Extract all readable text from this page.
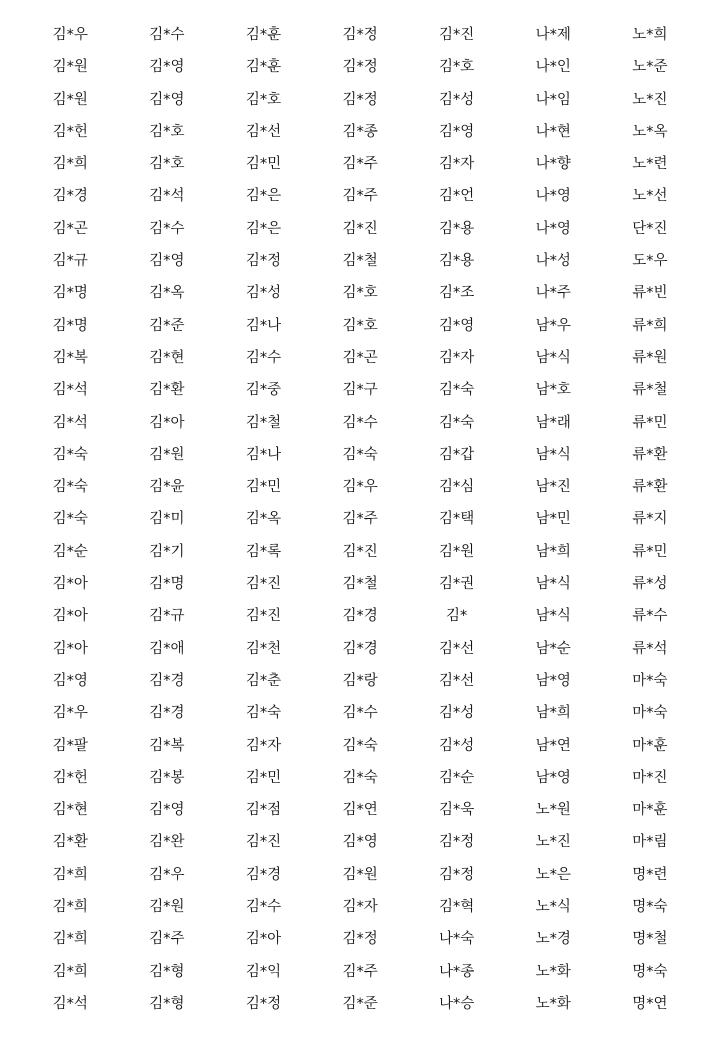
김*우	김*수	김*훈	김*정	김*진	나*제	노*희
김*원	김*영	김*훈	김*정	김*호	나*인	노*준
김*원	김*영	김*호	김*정	김*성	나*임	노*진
김*헌	김*호	김*선	김*종	김*영	나*현	노*옥
김*희	김*호	김*민	김*주	김*자	나*향	노*련
김*경	김*석	김*은	김*주	김*언	나*영	노*선
김*곤	김*수	김*은	김*진	김*용	나*영	단*진
김*규	김*영	김*정	김*철	김*용	나*성	도*우
김*명	김*옥	김*성	김*호	김*조	나*주	류*빈
김*명	김*준	김*나	김*호	김*영	남*우	류*희
김*복	김*현	김*수	김*곤	김*자	남*식	류*원
김*석	김*환	김*중	김*구	김*숙	남*호	류*철
김*석	김*아	김*철	김*수	김*숙	남*래	류*민
김*숙	김*원	김*나	김*숙	김*갑	남*식	류*환
김*숙	김*윤	김*민	김*우	김*심	남*진	류*환
김*숙	김*미	김*옥	김*주	김*택	남*민	류*지
김*순	김*기	김*록	김*진	김*원	남*희	류*민
김*아	김*명	김*진	김*철	김*권	남*식	류*성
김*아	김*규	김*진	김*경	김*	남*식	류*수
김*아	김*애	김*천	김*경	김*선	남*순	류*석
김*영	김*경	김*춘	김*랑	김*선	남*영	마*숙
김*우	김*경	김*숙	김*수	김*성	남*희	마*숙
김*팔	김*복	김*자	김*숙	김*성	남*연	마*훈
김*헌	김*봉	김*민	김*숙	김*순	남*영	마*진
김*현	김*영	김*점	김*연	김*욱	노*원	마*훈
김*환	김*완	김*진	김*영	김*정	노*진	마*림
김*희	김*우	김*경	김*원	김*정	노*은	명*련
김*희	김*원	김*수	김*자	김*혁	노*식	명*숙
김*희	김*주	김*아	김*정	나*숙	노*경	명*철
김*희	김*형	김*익	김*주	나*종	노*화	명*숙
김*석	김*형	김*정	김*준	나*승	노*화	명*연
